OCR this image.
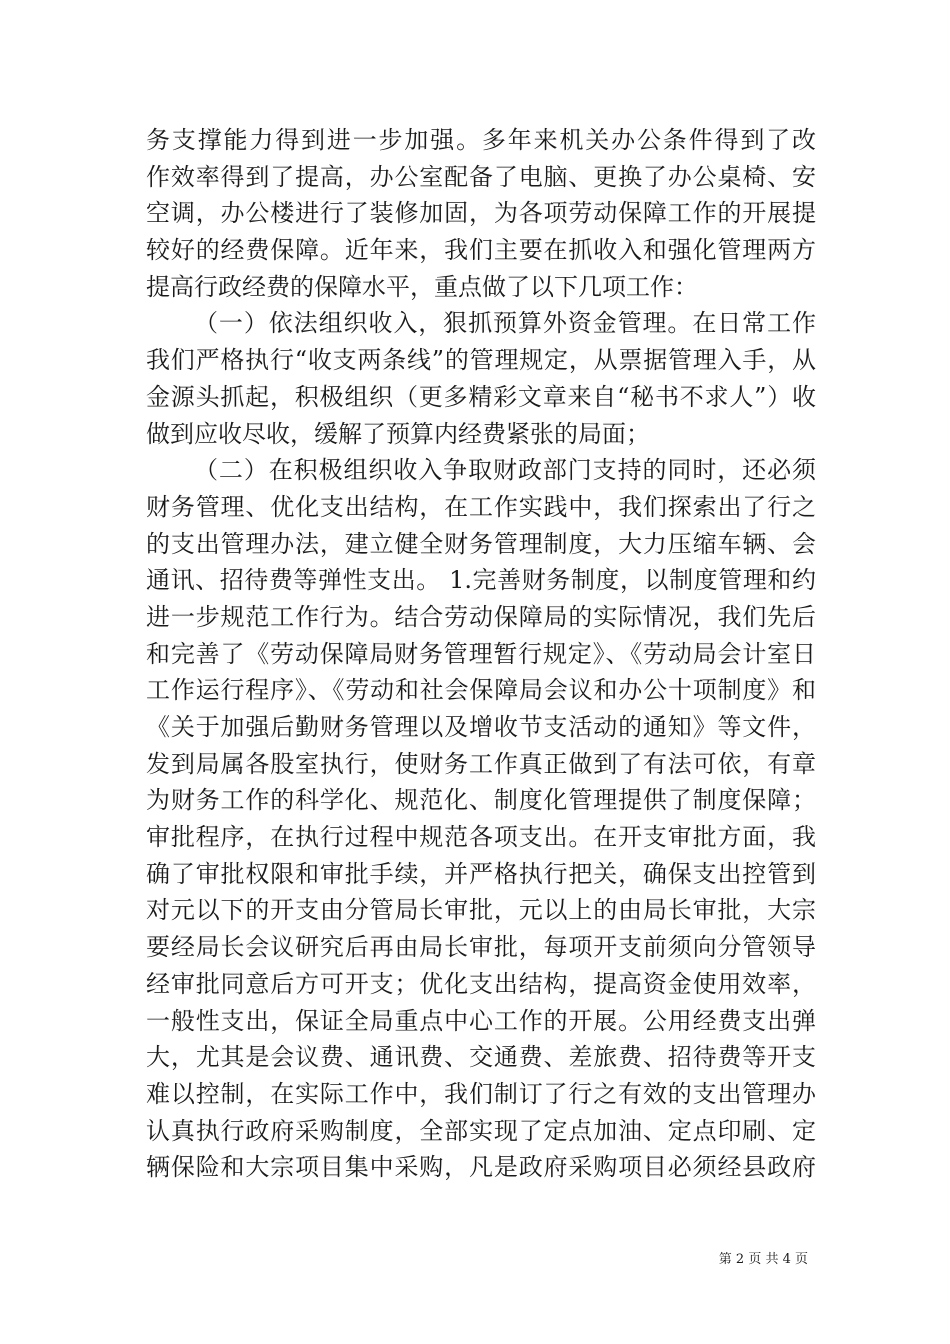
务支撑能力得到进一步加强。多年来机关办公条件得到了改
作效率得到了提高，办公室配备了电脑、更换了办公桌椅、安
空调，办公楼进行了装修加固，为各项劳动保障工作的开展提
较好的经费保障。近年来，我们主要在抓收入和强化管理两方
提高行政经费的保障水平，重点做了以下几项工作：
（一）依法组织收入，狠抓预算外资金管理。在日常工作
我们严格执行“收支两条线”的管理规定，从票据管理入手，从
金源头抓起，积极组织（更多精彩文章来自“秘书不求人”）收
做到应收尽收，缓解了预算内经费紧张的局面；
（二）在积极组织收入争取财政部门支持的同时，还必须
财务管理、优化支出结构，在工作实践中，我们探索出了行之
的支出管理办法，建立健全财务管理制度，大力压缩车辆、会
通讯、招待费等弹性支出。 1.完善财务制度，以制度管理和约
进一步规范工作行为。结合劳动保障局的实际情况，我们先后
和完善了《劳动保障局财务管理暂行规定》、《劳动局会计室日
工作运行程序》、《劳动和社会保障局会议和办公十项制度》和
《关于加强后勤财务管理以及增收节支活动的通知》等文件，
发到局属各股室执行，使财务工作真正做到了有法可依，有章
为财务工作的科学化、规范化、制度化管理提供了制度保障；
审批程序，在执行过程中规范各项支出。在开支审批方面，我
确了审批权限和审批手续，并严格执行把关，确保支出控管到
对元以下的开支由分管局长审批，元以上的由局长审批，大宗
要经局长会议研究后再由局长审批，每项开支前须向分管领导
经审批同意后方可开支；优化支出结构，提高资金使用效率，
一般性支出，保证全局重点中心工作的开展。公用经费支出弹
大，尤其是会议费、通讯费、交通费、差旅费、招待费等开支
难以控制，在实际工作中，我们制订了行之有效的支出管理办
认真执行政府采购制度，全部实现了定点加油、定点印刷、定
辆保险和大宗项目集中采购，凡是政府采购项目必须经县政府
第 2 页 共 4 页
